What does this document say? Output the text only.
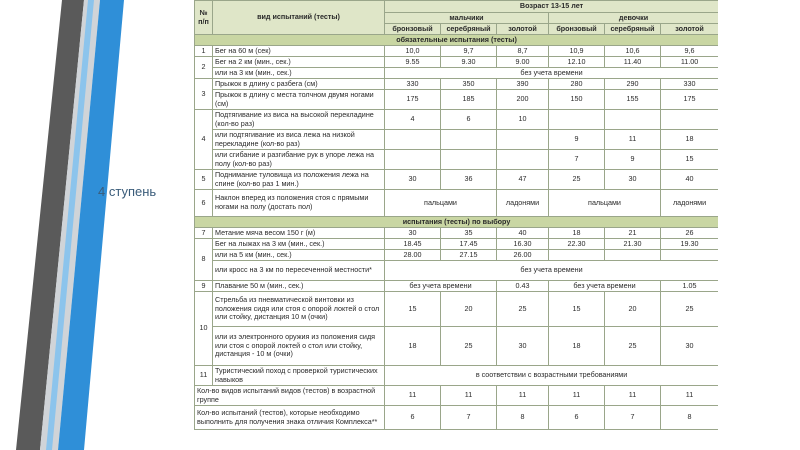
4 ступень
№ п/п	вид испытаний (тесты)	Возраст 13-15 лет					
		мальчики			девочки		
		бронзовый	серебряный	золотой	бронзовый	серебряный	золотой
обязательные испытания (тесты)							
1	Бег на 60 м (сек)	10,0	9,7	8,7	10,9	10,6	9,6
2	Бег на 2 км (мин., сек.)	9.55	9.30	9.00	12.10	11.40	11.00
	или на 3 км (мин., сек.)	без учета времени					
3	Прыжок в длину с разбега (см)	330	350	390	280	290	330
	Прыжок в длину с места толчном двумя ногами (см)	175	185	200	150	155	175
4	Подтягивание из виса на высокой перекладине (кол-во раз)	4	6	10			
	или подтягивание из виса лежа на низкой перекладине (кол-во раз)				9	11	18
	или сгибание и разгибание рук в упоре лежа на полу (кол-во раз)				7	9	15
5	Поднимание туловища из положения лежа на спине (кол-во раз 1 мин.)	30	36	47	25	30	40
6	Наклон вперед из положения стоя с прямыми ногами на полу (достать пол)	пальцами		ладонями	пальцами		ладонями
испытания (тесты) по выбору							
7	Метание мяча весом 150 г (м)	30	35	40	18	21	26
8	Бег на лыжах на 3 км (мин., сек.)	18.45	17.45	16.30	22.30	21.30	19.30
	или на 5 км (мин., сек.)	28.00	27.15	26.00			
	или кросс на 3 км по пересеченной местности*	без учета времени					
9	Плавание 50 м (мин., сек.)	без учета времени		0.43	без учета времени		1.05
10	Стрельба из пневматической винтовки из положения сидя или стоя с опорой локтей о стол или стойку, дистанция 10 м (очки)	15	20	25	15	20	25
	или из электронного оружия из положения сидя или стоя с опорой локтей о стол или стойку, дистанция - 10 м (очки)	18	25	30	18	25	30
11	Туристический поход с проверкой туристических навыков	в соответствии с возрастными требованиями					
Кол-во видов испытаний видов (тестов) в возрастной группе		11	11	11	11	11	11
Кол-во испытаний (тестов), которые необходимо выполнить для получения знака отличия Комплекса**		6	7	8	6	7	8
